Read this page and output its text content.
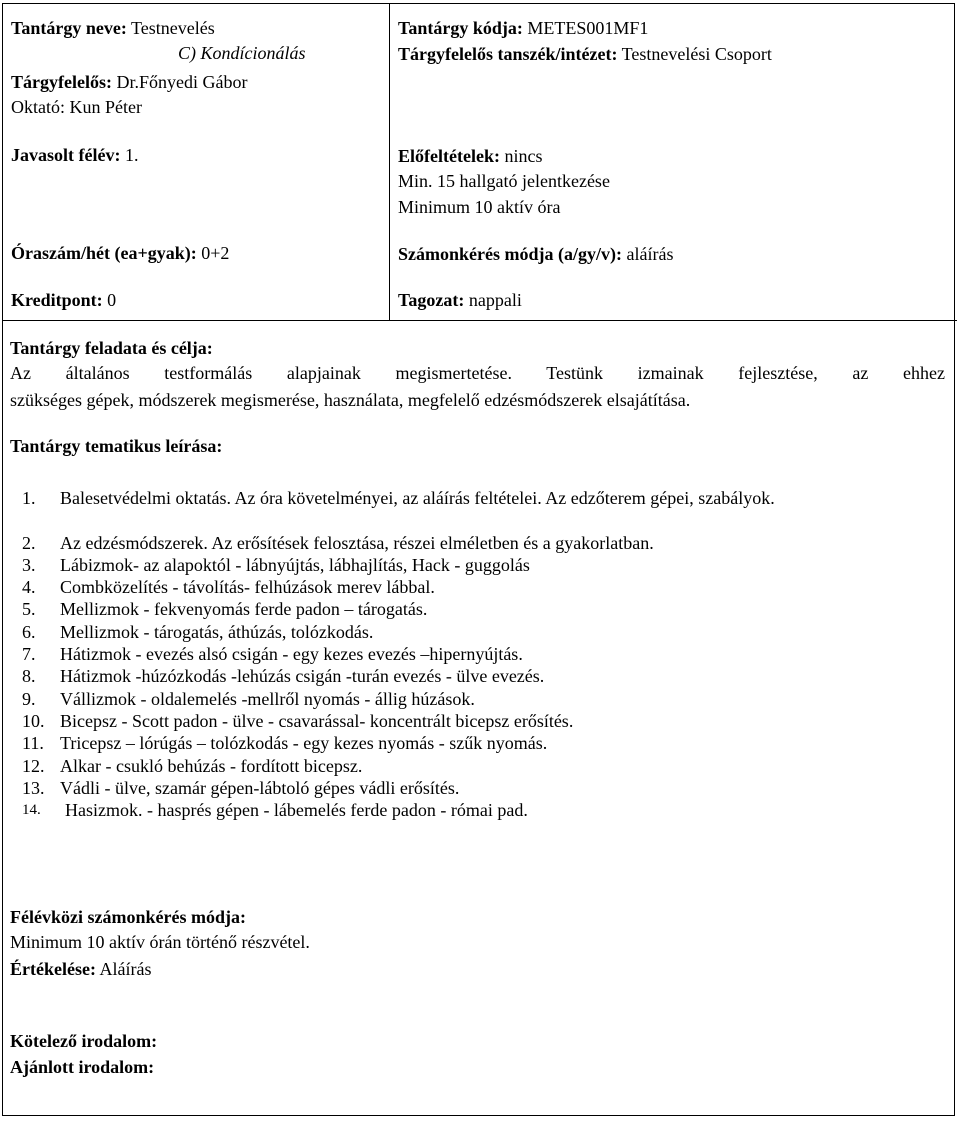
Tantárgy neve: Testnevelés
C) Kondícionálás
Tárgyfelelős: Dr.Főnyedi Gábor
Oktató: Kun Péter
Javasolt félév: 1.
Óraszám/hét (ea+gyak): 0+2
Kreditpont: 0
Tantárgy kódja: METES001MF1
Tárgyfelelős tanszék/intézet: Testnevelési Csoport
Előfeltételek: nincs
Min. 15 hallgató jelentkezése
Minimum 10 aktív óra
Számonkérés módja (a/gy/v): aláírás
Tagozat: nappali
Tantárgy feladata és célja:
Az általános testformálás alapjainak megismertetése. Testünk izmainak fejlesztése, az ehhez
szükséges gépek, módszerek megismerése, használata, megfelelő edzésmódszerek elsajátítása.
Tantárgy tematikus leírása:
1.	Balesetvédelmi oktatás. Az óra követelményei, az aláírás feltételei. Az edzőterem gépei, szabályok.
2.	Az edzésmódszerek. Az erősítések felosztása, részei elméletben és a gyakorlatban.
3.	Lábizmok- az alapoktól - lábnyújtás, lábhajlítás, Hack - guggolás
4.	Combközelítés - távolítás- felhúzások merev lábbal.
5.	Mellizmok - fekvenyomás ferde padon – tárogatás.
6.	Mellizmok - tárogatás, áthúzás, tolózkodás.
7.	Hátizmok - evezés alsó csigán - egy kezes evezés –hipernyújtás.
8.	Hátizmok -húzózkodás -lehúzás csigán -turán evezés - ülve evezés.
9.	Vállizmok - oldalemelés -mellről nyomás - állig húzások.
10. Bicepsz - Scott padon - ülve - csavarással- koncentrált bicepsz erősítés.
11. Tricepsz – lórúgás – tolózkodás - egy kezes nyomás - szűk nyomás.
12. Alkar - csukló behúzás - fordított bicepsz.
13. Vádli - ülve, szamár gépen-lábtoló gépes vádli erősítés.
14.	Hasizmok. - hasprés gépen - lábemelés ferde padon - római pad.
Félévközi számonkérés módja:
Minimum 10 aktív órán történő részvétel.
Értékelése: Aláírás
Kötelező irodalom:
Ajánlott irodalom:
